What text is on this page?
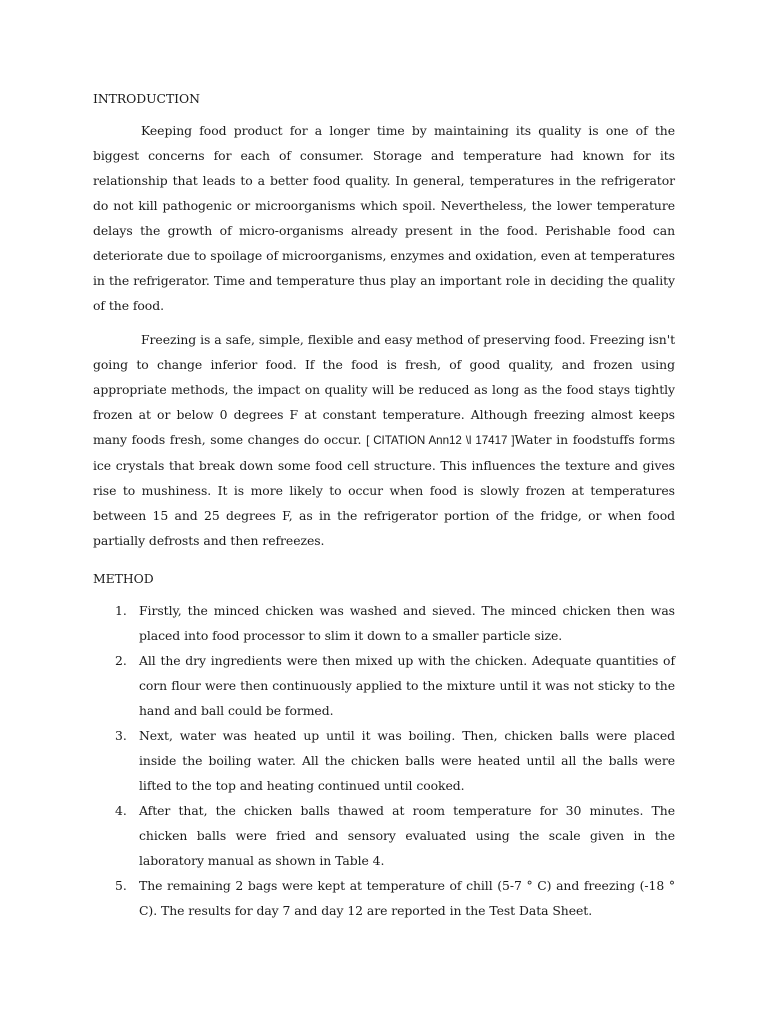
INTRODUCTION

Keeping food product for a longer time by maintaining its quality is one of the biggest concerns for each of consumer. Storage and temperature had known for its relationship that leads to a better food quality. In general, temperatures in the refrigerator do not kill pathogenic or microorganisms which spoil. Nevertheless, the lower temperature delays the growth of micro-organisms already present in the food. Perishable food can deteriorate due to spoilage of microorganisms, enzymes and oxidation, even at temperatures in the refrigerator. Time and temperature thus play an important role in deciding the quality of the food.

Freezing is a safe, simple, flexible and easy method of preserving food. Freezing isn't going to change inferior food. If the food is fresh, of good quality, and frozen using appropriate methods, the impact on quality will be reduced as long as the food stays tightly frozen at or below 0 degrees F at constant temperature. Although freezing almost keeps many foods fresh, some changes do occur. [ CITATION Ann12 \l 17417 ]Water in foodstuffs forms ice crystals that break down some food cell structure. This influences the texture and gives rise to mushiness. It is more likely to occur when food is slowly frozen at temperatures between 15 and 25 degrees F, as in the refrigerator portion of the fridge, or when food partially defrosts and then refreezes.

METHOD
1. Firstly, the minced chicken was washed and sieved. The minced chicken then was placed into food processor to slim it down to a smaller particle size.
2. All the dry ingredients were then mixed up with the chicken. Adequate quantities of corn flour were then continuously applied to the mixture until it was not sticky to the hand and ball could be formed.
3. Next, water was heated up until it was boiling. Then, chicken balls were placed inside the boiling water. All the chicken balls were heated until all the balls were lifted to the top and heating continued until cooked.
4. After that, the chicken balls thawed at room temperature for 30 minutes. The chicken balls were fried and sensory evaluated using the scale given in the laboratory manual as shown in Table 4.
5. The remaining 2 bags were kept at temperature of chill (5-7 ° C) and freezing (-18 ° C). The results for day 7 and day 12 are reported in the Test Data Sheet.
